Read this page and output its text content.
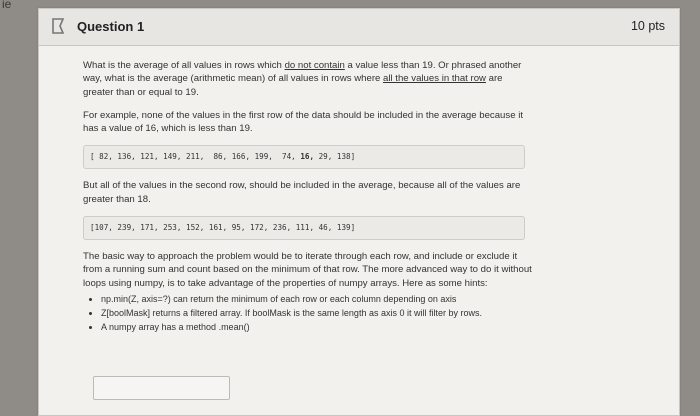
ie
Question 1	10 pts

What is the average of all values in rows which do not contain a value less than 19. Or phrased another way, what is the average (arithmetic mean) of all values in rows where all the values in that row are greater than or equal to 19.

For example, none of the values in the first row of the data should be included in the average because it has a value of 16, which is less than 19.

[ 82, 136, 121, 149, 211,  86, 166, 199,  74, 16, 29, 138]

But all of the values in the second row, should be included in the average, because all of the values are greater than 18.

[107, 239, 171, 253, 152, 161, 95, 172, 236, 111, 46, 139]

The basic way to approach the problem would be to iterate through each row, and include or exclude it from a running sum and count based on the minimum of that row. The more advanced way to do it without loops using numpy, is to take advantage of the properties of numpy arrays. Here as some hints:

• np.min(Z, axis=?) can return the minimum of each row or each column depending on axis
• Z[boolMask] returns a filtered array. If boolMask is the same length as axis 0 it will filter by rows.
• A numpy array has a method .mean()
